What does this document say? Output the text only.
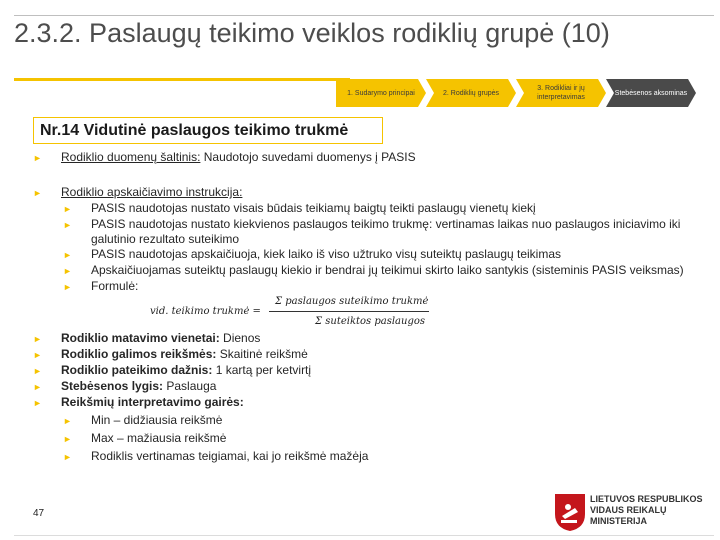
2.3.2. Paslaugų teikimo veiklos rodiklių grupė (10)
1. Sudarymo principai	2. Rodiklių grupės
3. Rodikliai ir jų interpretavimas
Stebėsenos aksominas
Nr.14 Vidutinė paslaugos teikimo trukmė
►	Rodiklio duomenų šaltinis: Naudotojo suvedami duomenys į PASIS
►	Rodiklio apskaičiavimo instrukcija:
►	PASIS naudotojas nustato visais būdais teikiamų baigtų teikti paslaugų vienetų kiekį
►	PASIS naudotojas nustato kiekvienos paslaugos teikimo trukmę: vertinamas laikas nuo paslaugos iniciavimo iki galutinio rezultato suteikimo
►	PASIS naudotojas apskaičiuoja, kiek laiko iš viso užtruko visų suteiktų paslaugų teikimas
►	Apskaičiuojamas suteiktų paslaugų kiekio ir bendrai jų teikimui skirto laiko santykis (sisteminis PASIS veiksmas)
►	Formulė:
vid. teikimo trukmė =
Σ paslaugos suteikimo trukmė
Σ suteiktos paslaugos
►	Rodiklio matavimo vienetai: Dienos
►	Rodiklio galimos reikšmės: Skaitinė reikšmė
►	Rodiklio pateikimo dažnis: 1 kartą per ketvirtį
►	Stebėsenos lygis: Paslauga
►	Reikšmių interpretavimo gairės:
►	Min – didžiausia reikšmė
►	Max – mažiausia reikšmė
►	Rodiklis vertinamas teigiamai, kai jo reikšmė mažėja
47
LIETUVOS RESPUBLIKOS
VIDAUS REIKALŲ
MINISTERIJA
